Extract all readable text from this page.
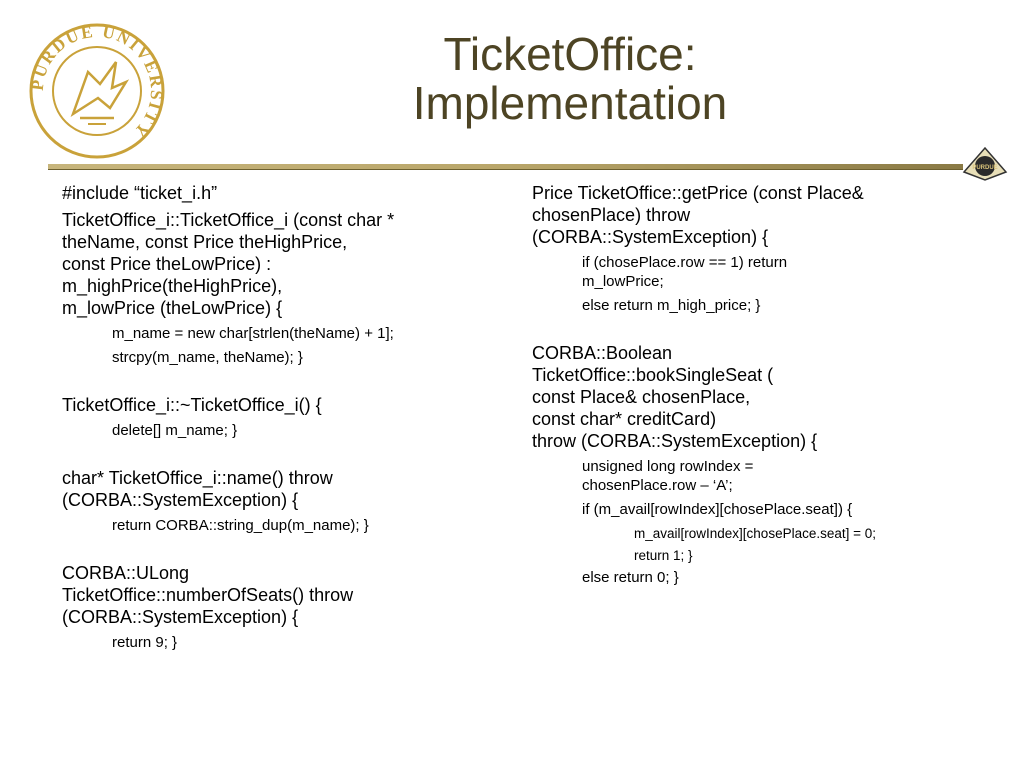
PURDUE UNIVERSITY
TicketOffice:
Implementation
PURDUE

#include “ticket_i.h”

TicketOffice_i::TicketOffice_i (const char *
theName, const Price theHighPrice,
const Price theLowPrice) :
m_highPrice(theHighPrice),
m_lowPrice (theLowPrice) {

m_name = new char[strlen(theName) + 1];

strcpy(m_name, theName); }

TicketOffice_i::~TicketOffice_i() {

delete[] m_name; }

char* TicketOffice_i::name() throw
(CORBA::SystemException) {

return CORBA::string_dup(m_name); }

CORBA::ULong
TicketOffice::numberOfSeats() throw
(CORBA::SystemException) {

return 9; }

Price TicketOffice::getPrice (const Place&
chosenPlace) throw
(CORBA::SystemException) {

if (chosePlace.row == 1) return
m_lowPrice;

else return m_high_price; }

CORBA::Boolean
TicketOffice::bookSingleSeat (
const Place& chosenPlace,
const char* creditCard)
throw (CORBA::SystemException) {

unsigned long rowIndex =
chosenPlace.row – ‘A’;

if (m_avail[rowIndex][chosePlace.seat]) {

m_avail[rowIndex][chosePlace.seat] = 0;

return 1; }

else return 0; }
